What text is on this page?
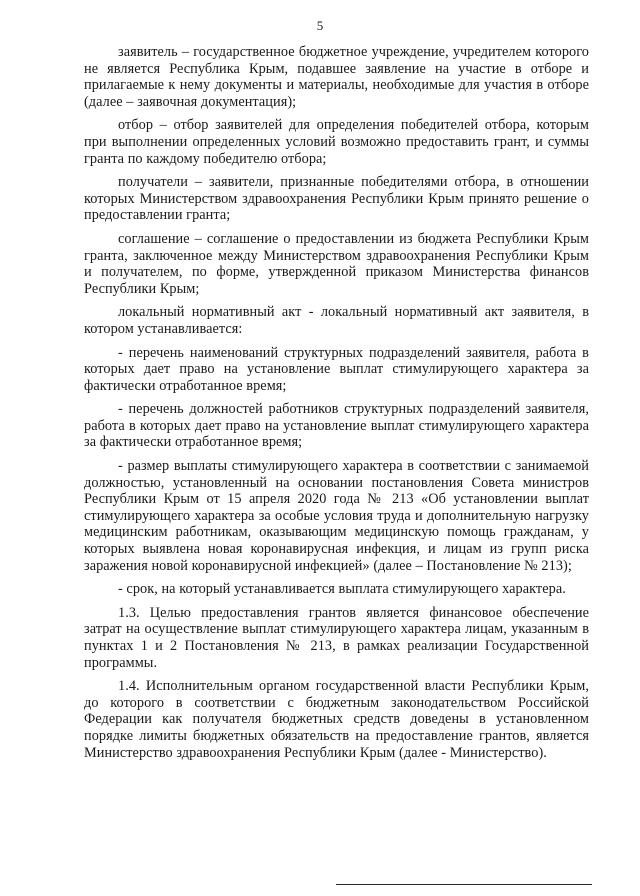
5

заявитель – государственное бюджетное учреждение, учредителем которого не является Республика Крым, подавшее заявление на участие в отборе и прилагаемые к нему документы и материалы, необходимые для участия в отборе (далее – заявочная документация);

отбор – отбор заявителей для определения победителей отбора, которым при выполнении определенных условий возможно предоставить грант, и суммы гранта по каждому победителю отбора;

получатели – заявители, признанные победителями отбора, в отношении которых Министерством здравоохранения Республики Крым принято решение о предоставлении гранта;

соглашение – соглашение о предоставлении из бюджета Республики Крым гранта, заключенное между Министерством здравоохранения Республики Крым и получателем, по форме, утвержденной приказом Министерства финансов Республики Крым;

локальный нормативный акт - локальный нормативный акт заявителя, в котором устанавливается:

- перечень наименований структурных подразделений заявителя, работа в которых дает право на установление выплат стимулирующего характера за фактически отработанное время;

- перечень должностей работников структурных подразделений заявителя, работа в которых дает право на установление выплат стимулирующего характера за фактически отработанное время;

- размер выплаты стимулирующего характера в соответствии с занимаемой должностью, установленный на основании постановления Совета министров Республики Крым от 15 апреля 2020 года № 213 «Об установлении выплат стимулирующего характера за особые условия труда и дополнительную нагрузку медицинским работникам, оказывающим медицинскую помощь гражданам, у которых выявлена новая коронавирусная инфекция, и лицам из групп риска заражения новой коронавирусной инфекцией» (далее – Постановление № 213);

- срок, на который устанавливается выплата стимулирующего характера.

1.3. Целью предоставления грантов является финансовое обеспечение затрат на осуществление выплат стимулирующего характера лицам, указанным в пунктах 1 и 2 Постановления № 213, в рамках реализации Государственной программы.

1.4. Исполнительным органом государственной власти Республики Крым, до которого в соответствии с бюджетным законодательством Российской Федерации как получателя бюджетных средств доведены в установленном порядке лимиты бюджетных обязательств на предоставление грантов, является Министерство здравоохранения Республики Крым (далее - Министерство).
